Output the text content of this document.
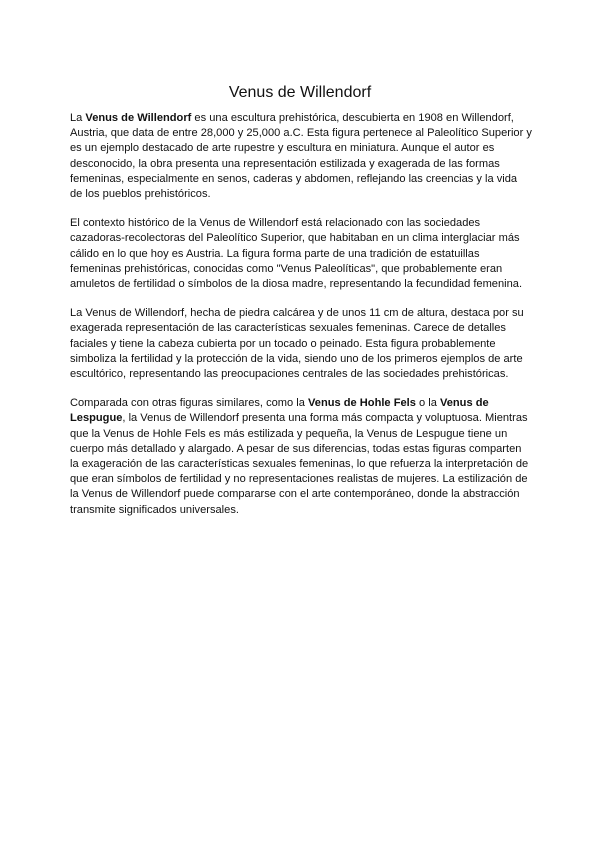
Venus de Willendorf

La Venus de Willendorf es una escultura prehistórica, descubierta en 1908 en Willendorf, Austria, que data de entre 28,000 y 25,000 a.C. Esta figura pertenece al Paleolítico Superior y es un ejemplo destacado de arte rupestre y escultura en miniatura. Aunque el autor es desconocido, la obra presenta una representación estilizada y exagerada de las formas femeninas, especialmente en senos, caderas y abdomen, reflejando las creencias y la vida de los pueblos prehistóricos.

El contexto histórico de la Venus de Willendorf está relacionado con las sociedades cazadoras-recolectoras del Paleolítico Superior, que habitaban en un clima interglaciar más cálido en lo que hoy es Austria. La figura forma parte de una tradición de estatuillas femeninas prehistóricas, conocidas como "Venus Paleolíticas", que probablemente eran amuletos de fertilidad o símbolos de la diosa madre, representando la fecundidad femenina.

La Venus de Willendorf, hecha de piedra calcárea y de unos 11 cm de altura, destaca por su exagerada representación de las características sexuales femeninas. Carece de detalles faciales y tiene la cabeza cubierta por un tocado o peinado. Esta figura probablemente simboliza la fertilidad y la protección de la vida, siendo uno de los primeros ejemplos de arte escultórico, representando las preocupaciones centrales de las sociedades prehistóricas.

Comparada con otras figuras similares, como la Venus de Hohle Fels o la Venus de Lespugue, la Venus de Willendorf presenta una forma más compacta y voluptuosa. Mientras que la Venus de Hohle Fels es más estilizada y pequeña, la Venus de Lespugue tiene un cuerpo más detallado y alargado. A pesar de sus diferencias, todas estas figuras comparten la exageración de las características sexuales femeninas, lo que refuerza la interpretación de que eran símbolos de fertilidad y no representaciones realistas de mujeres. La estilización de la Venus de Willendorf puede compararse con el arte contemporáneo, donde la abstracción transmite significados universales.
